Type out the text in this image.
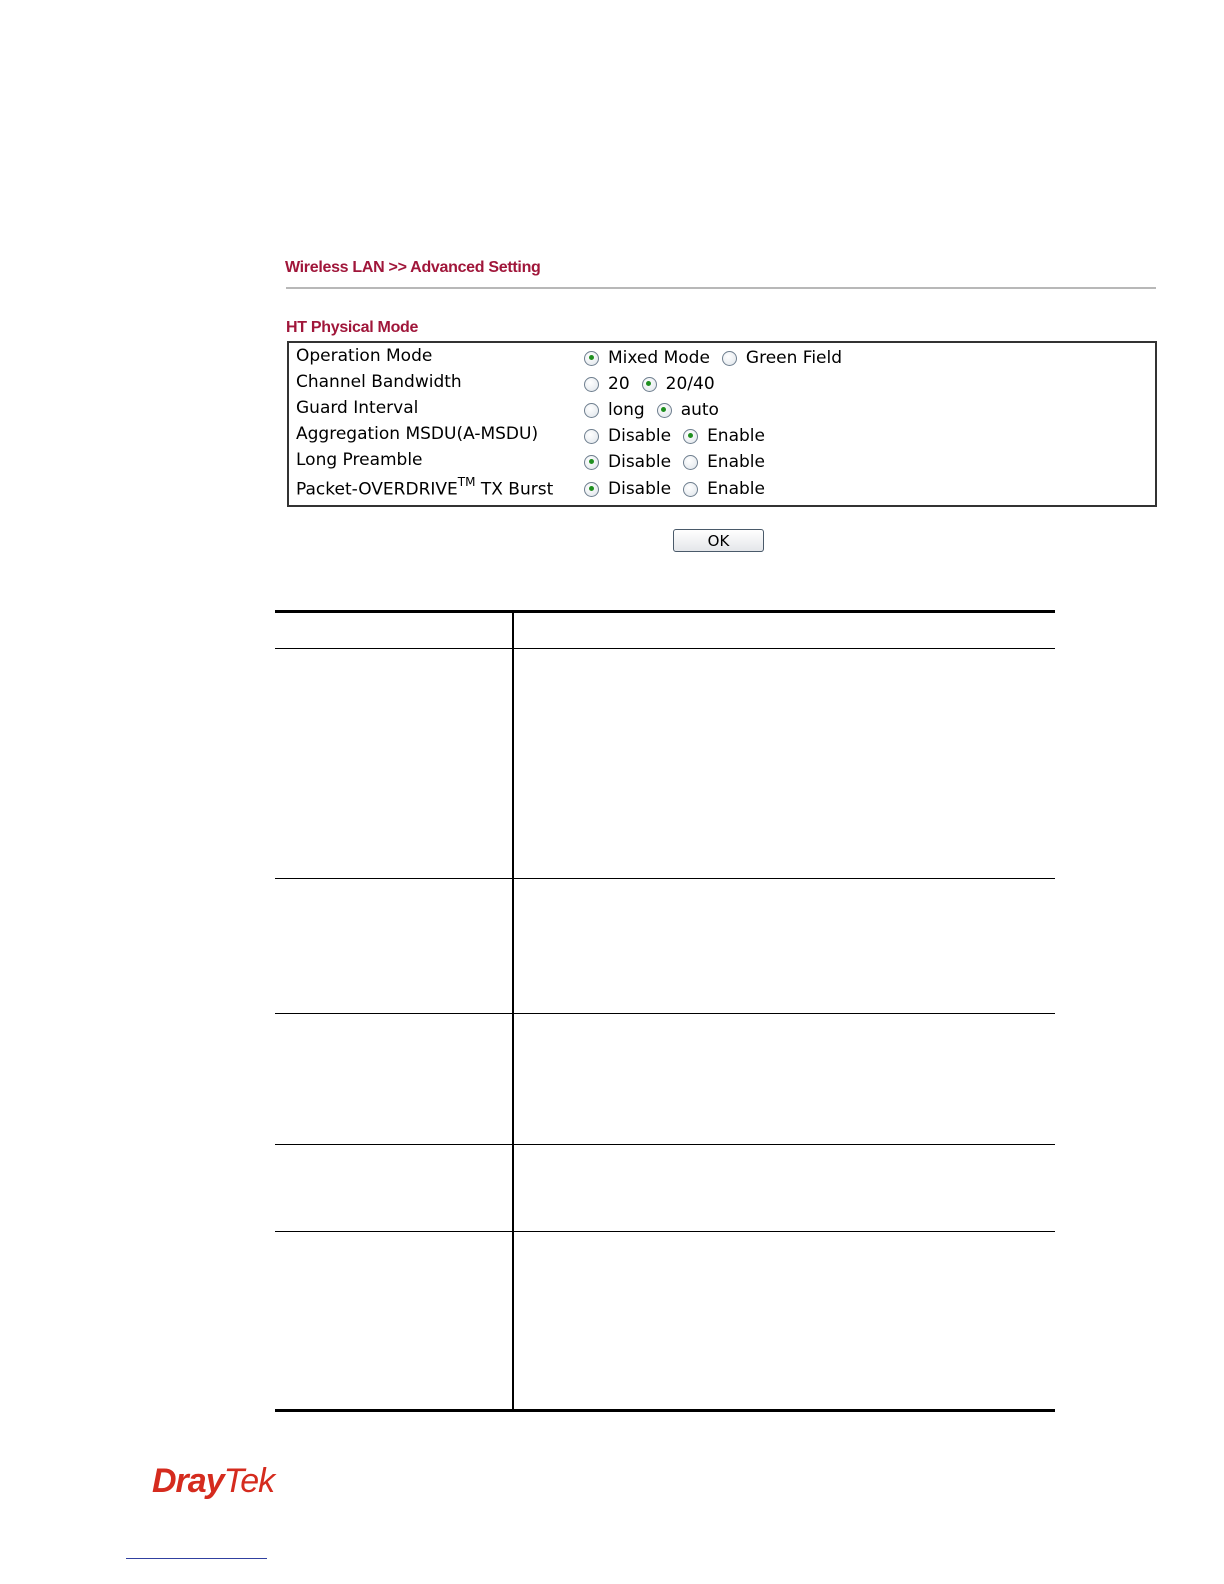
Wireless LAN >> Advanced Setting
HT Physical Mode
Operation Mode	Mixed Mode Green Field
Channel Bandwidth	20 20/40
Guard Interval	long auto
Aggregation MSDU(A-MSDU)	Disable Enable
Long Preamble	Disable Enable
Packet-OVERDRIVE™ TX Burst	Disable Enable
OK
DrayTek
